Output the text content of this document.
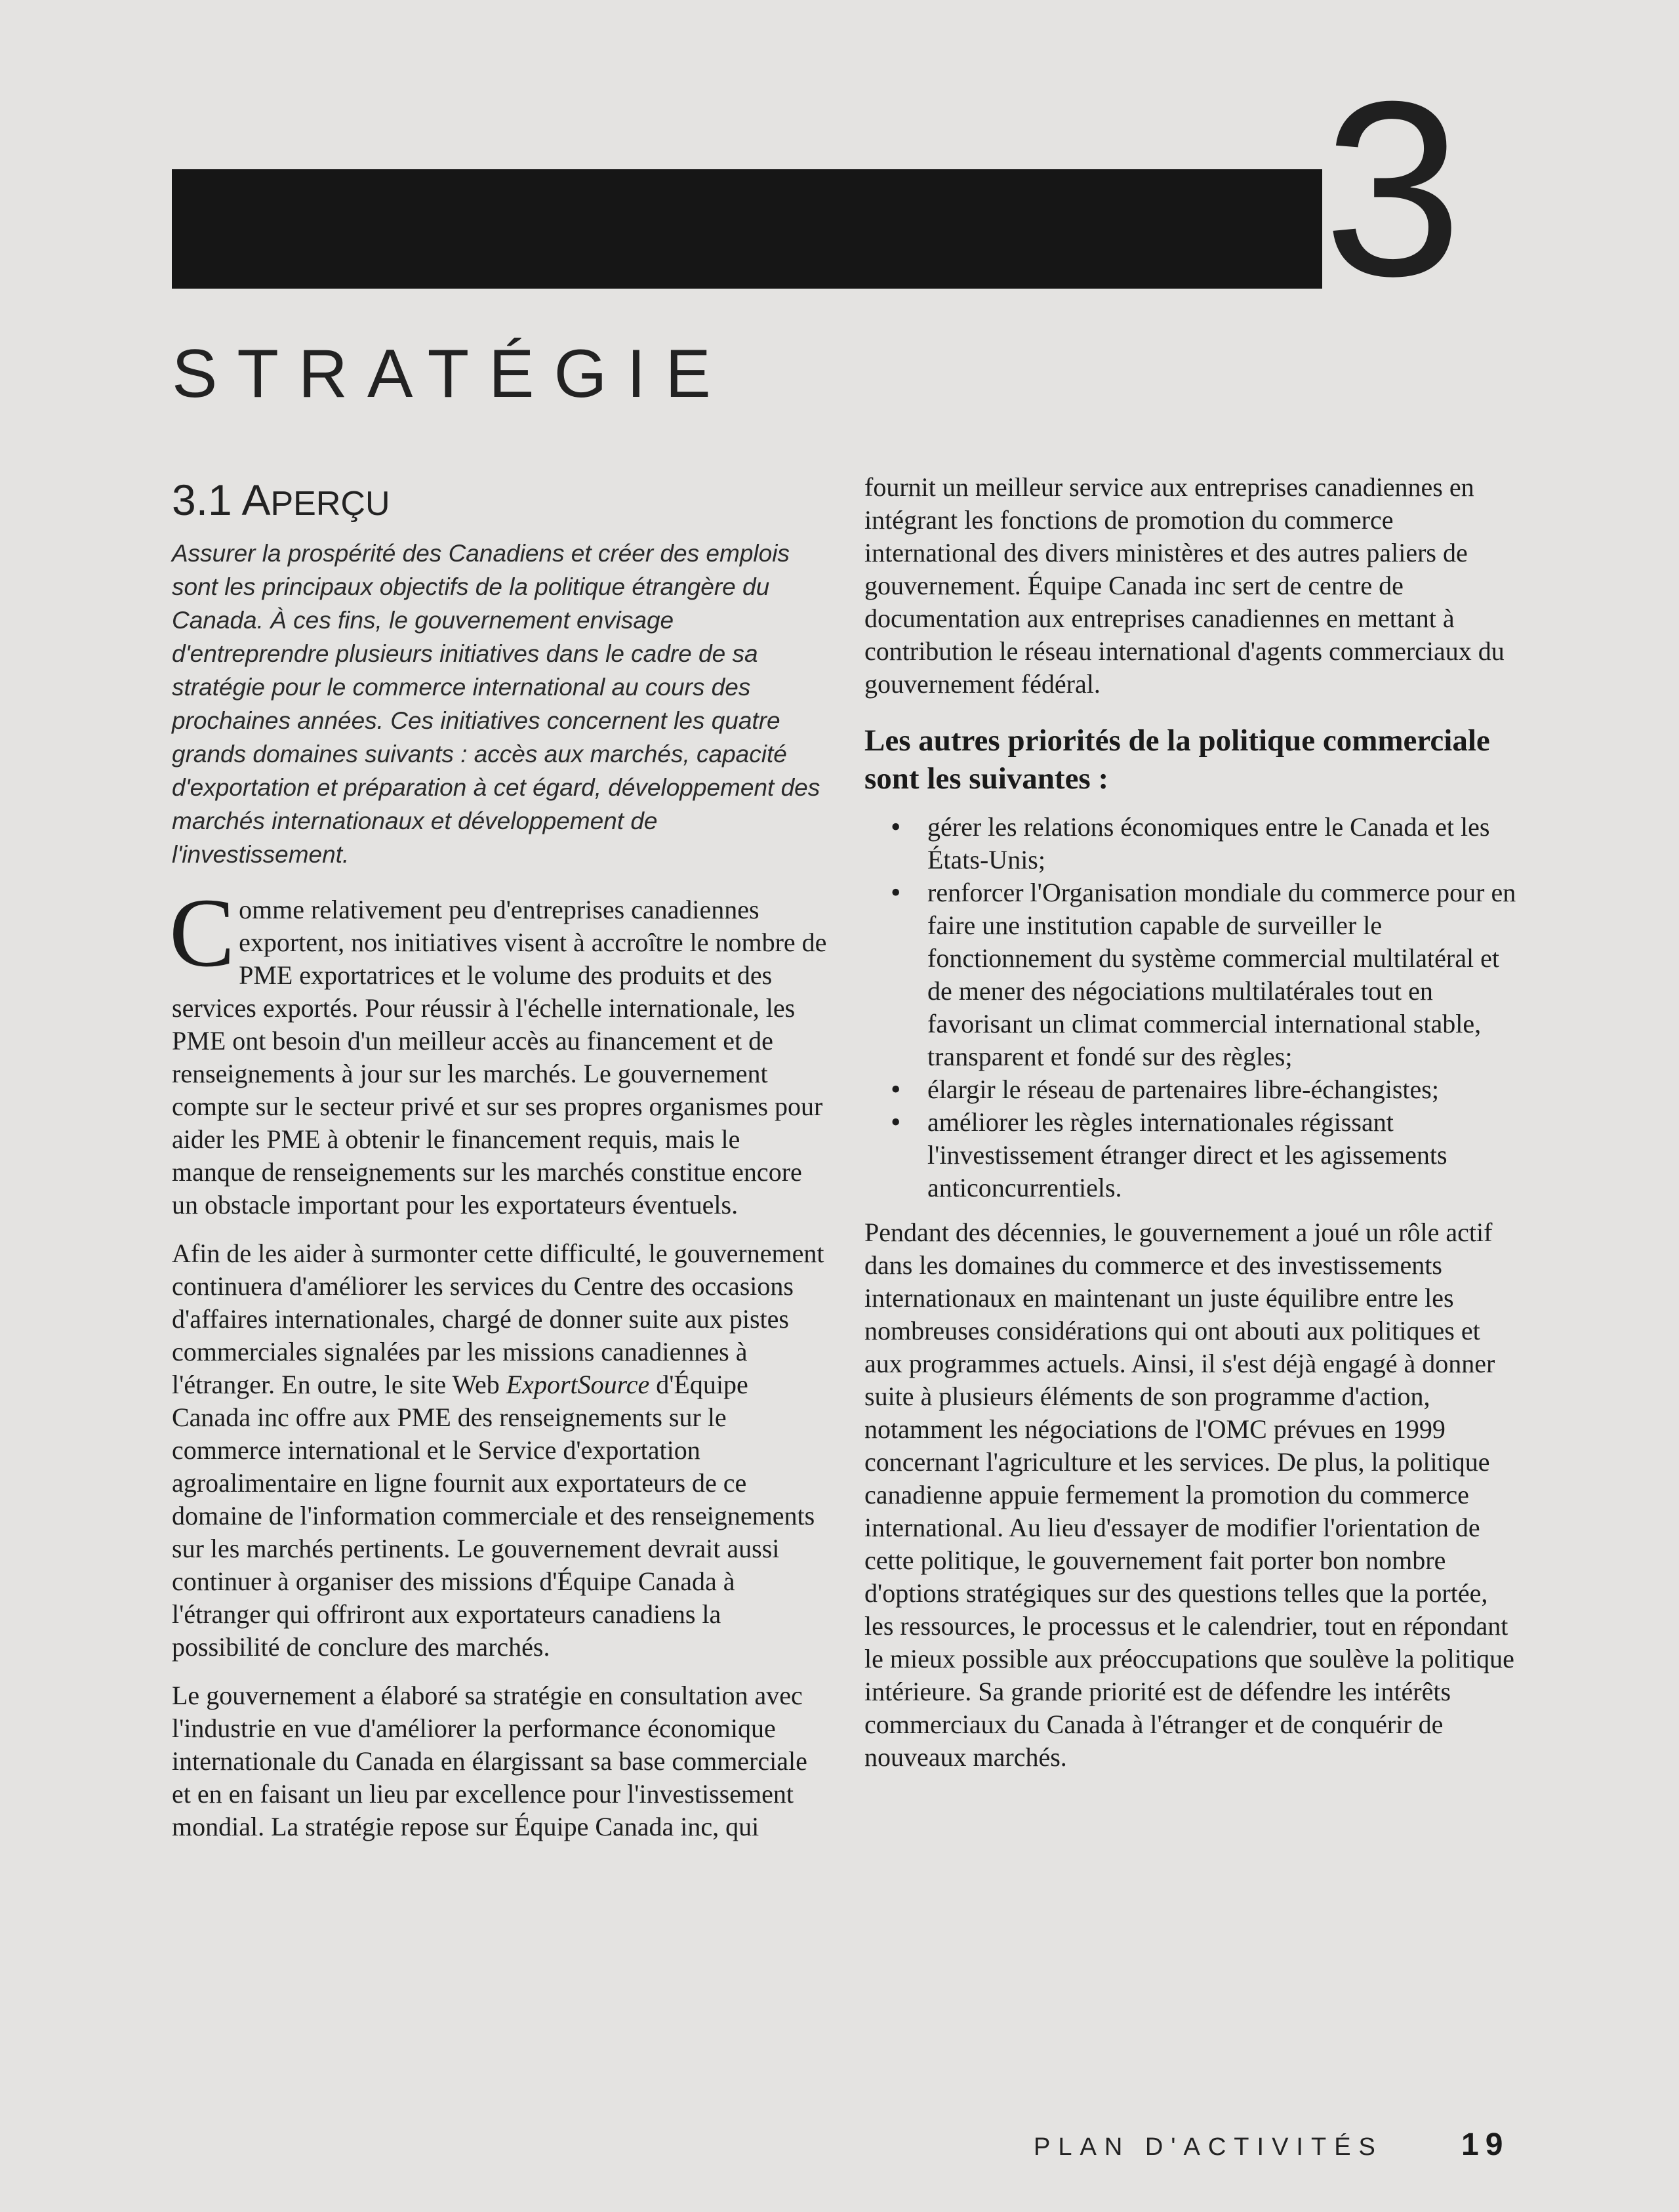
3
STRATÉGIE
3.1 APERÇU

Assurer la prospérité des Canadiens et créer des emplois sont les principaux objectifs de la politique étrangère du Canada. À ces fins, le gouvernement envisage d'entreprendre plusieurs initiatives dans le cadre de sa stratégie pour le commerce international au cours des prochaines années. Ces initiatives concernent les quatre grands domaines suivants : accès aux marchés, capacité d'exportation et préparation à cet égard, développement des marchés internationaux et développement de l'investissement.

Comme relativement peu d'entreprises canadiennes exportent, nos initiatives visent à accroître le nombre de PME exportatrices et le volume des produits et des services exportés. Pour réussir à l'échelle internationale, les PME ont besoin d'un meilleur accès au financement et de renseignements à jour sur les marchés. Le gouvernement compte sur le secteur privé et sur ses propres organismes pour aider les PME à obtenir le financement requis, mais le manque de renseignements sur les marchés constitue encore un obstacle important pour les exportateurs éventuels.

Afin de les aider à surmonter cette difficulté, le gouvernement continuera d'améliorer les services du Centre des occasions d'affaires internationales, chargé de donner suite aux pistes commerciales signalées par les missions canadiennes à l'étranger. En outre, le site Web ExportSource d'Équipe Canada inc offre aux PME des renseignements sur le commerce international et le Service d'exportation agroalimentaire en ligne fournit aux exportateurs de ce domaine de l'information commerciale et des renseignements sur les marchés pertinents. Le gouvernement devrait aussi continuer à organiser des missions d'Équipe Canada à l'étranger qui offriront aux exportateurs canadiens la possibilité de conclure des marchés.

Le gouvernement a élaboré sa stratégie en consultation avec l'industrie en vue d'améliorer la performance économique internationale du Canada en élargissant sa base commerciale et en en faisant un lieu par excellence pour l'investissement mondial. La stratégie repose sur Équipe Canada inc, qui

fournit un meilleur service aux entreprises canadiennes en intégrant les fonctions de promotion du commerce international des divers ministères et des autres paliers de gouvernement. Équipe Canada inc sert de centre de documentation aux entreprises canadiennes en mettant à contribution le réseau international d'agents commerciaux du gouvernement fédéral.

Les autres priorités de la politique commerciale sont les suivantes :
• gérer les relations économiques entre le Canada et les États-Unis;
• renforcer l'Organisation mondiale du commerce pour en faire une institution capable de surveiller le fonctionnement du système commercial multilatéral et de mener des négociations multilatérales tout en favorisant un climat commercial international stable, transparent et fondé sur des règles;
• élargir le réseau de partenaires libre-échangistes;
• améliorer les règles internationales régissant l'investissement étranger direct et les agissements anticoncurrentiels.

Pendant des décennies, le gouvernement a joué un rôle actif dans les domaines du commerce et des investissements internationaux en maintenant un juste équilibre entre les nombreuses considérations qui ont abouti aux politiques et aux programmes actuels. Ainsi, il s'est déjà engagé à donner suite à plusieurs éléments de son programme d'action, notamment les négociations de l'OMC prévues en 1999 concernant l'agriculture et les services. De plus, la politique canadienne appuie fermement la promotion du commerce international. Au lieu d'essayer de modifier l'orientation de cette politique, le gouvernement fait porter bon nombre d'options stratégiques sur des questions telles que la portée, les ressources, le processus et le calendrier, tout en répondant le mieux possible aux préoccupations que soulève la politique intérieure. Sa grande priorité est de défendre les intérêts commerciaux du Canada à l'étranger et de conquérir de nouveaux marchés.

PLAN D'ACTIVITÉS 19
